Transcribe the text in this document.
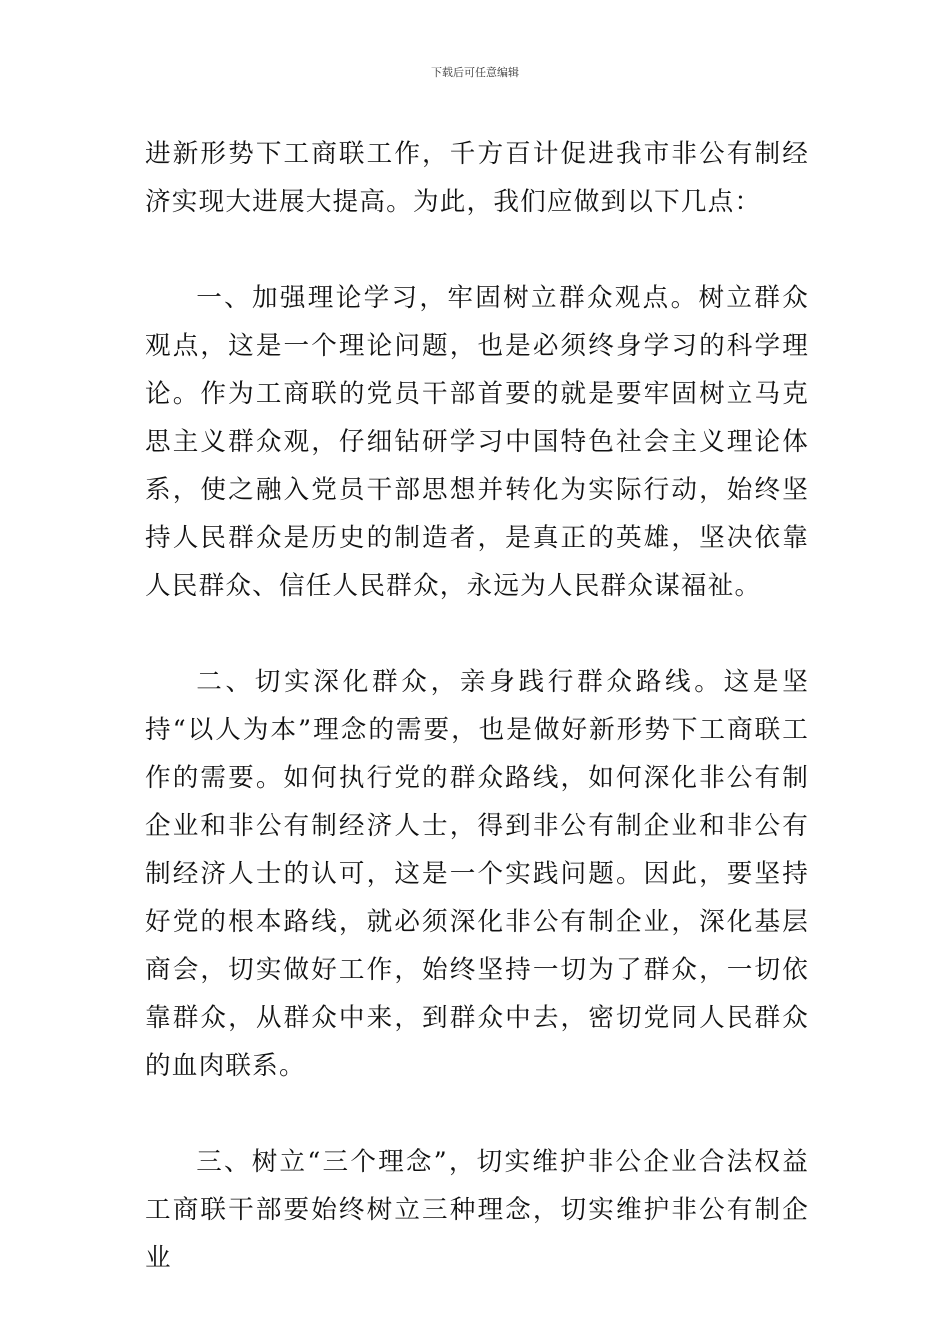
下载后可任意编辑

进新形势下工商联工作，千方百计促进我市非公有制经济实现大进展大提高。为此，我们应做到以下几点：

一、加强理论学习，牢固树立群众观点。树立群众观点，这是一个理论问题，也是必须终身学习的科学理论。作为工商联的党员干部首要的就是要牢固树立马克思主义群众观，仔细钻研学习中国特色社会主义理论体系，使之融入党员干部思想并转化为实际行动，始终坚持人民群众是历史的制造者，是真正的英雄，坚决依靠人民群众、信任人民群众，永远为人民群众谋福祉。

二、切实深化群众，亲身践行群众路线。这是坚持“以人为本”理念的需要，也是做好新形势下工商联工作的需要。如何执行党的群众路线，如何深化非公有制企业和非公有制经济人士，得到非公有制企业和非公有制经济人士的认可，这是一个实践问题。因此，要坚持好党的根本路线，就必须深化非公有制企业，深化基层商会，切实做好工作，始终坚持一切为了群众，一切依靠群众，从群众中来，到群众中去，密切党同人民群众的血肉联系。

三、树立“三个理念”，切实维护非公企业合法权益工商联干部要始终树立三种理念，切实维护非公有制企业
